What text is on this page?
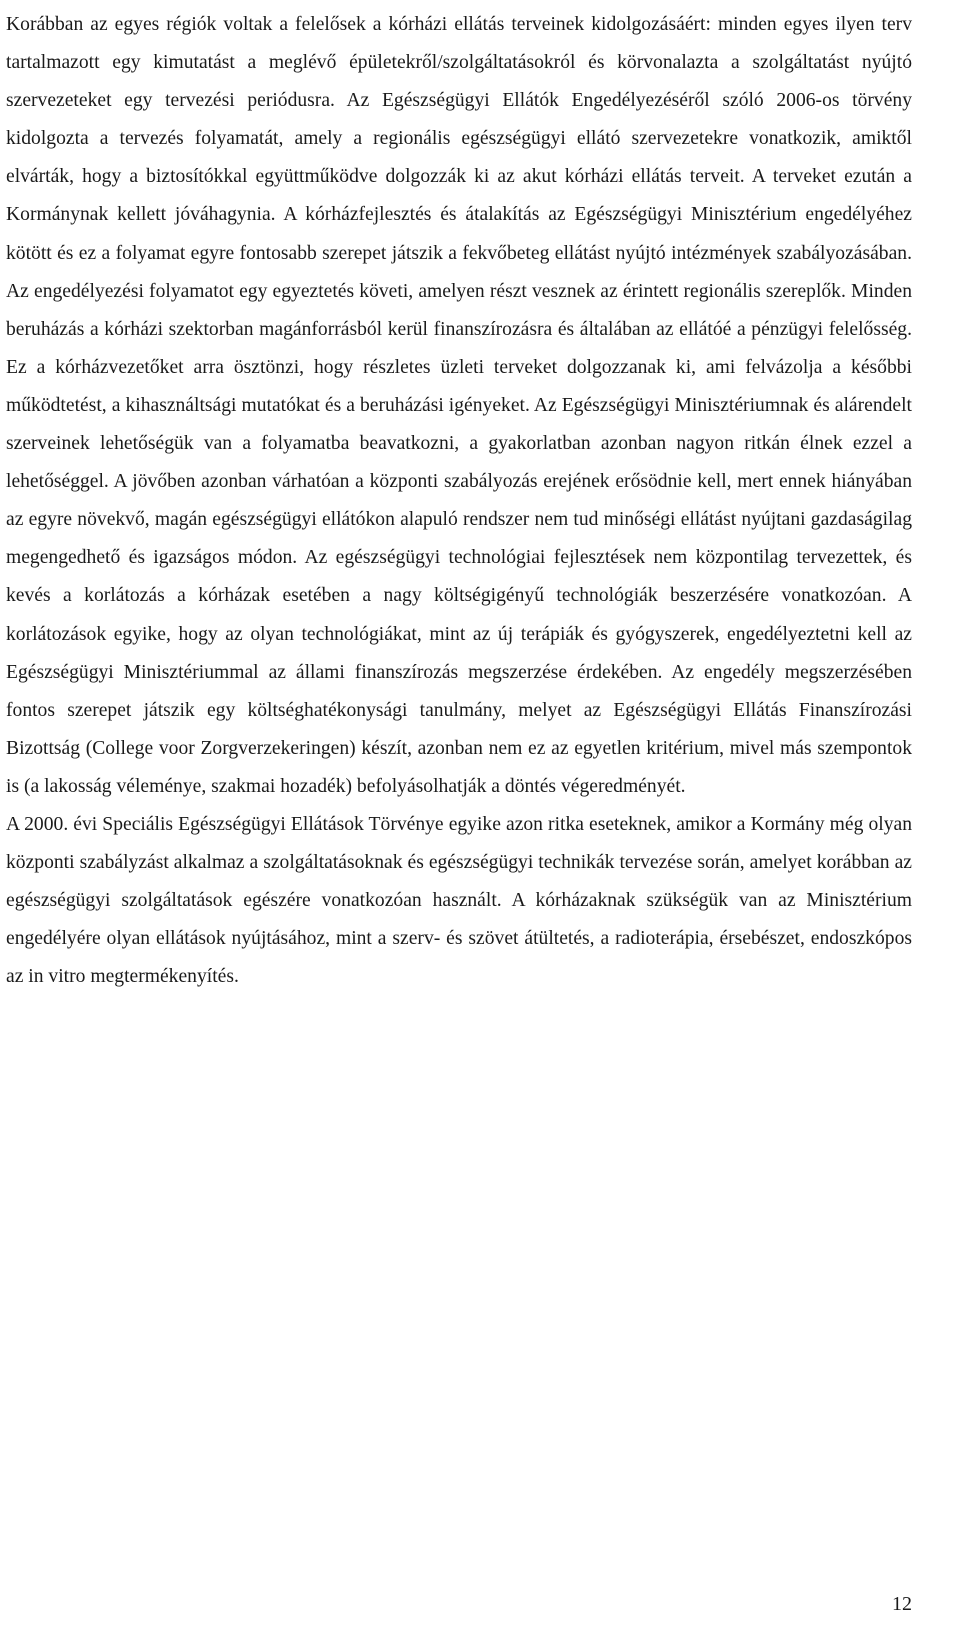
Korábban az egyes régiók voltak a felelősek a kórházi ellátás terveinek kidolgozásáért: minden egyes ilyen terv tartalmazott egy kimutatást a meglévő épületekről/szolgáltatásokról és körvonalazta a szolgáltatást nyújtó szervezeteket egy tervezési periódusra. Az Egészségügyi Ellátók Engedélyezéséről szóló 2006-os törvény kidolgozta a tervezés folyamatát, amely a regionális egészségügyi ellátó szervezetekre vonatkozik, amiktől elvárták, hogy a biztosítókkal együttműködve dolgozzák ki az akut kórházi ellátás terveit. A terveket ezután a Kormánynak kellett jóváhagynia. A kórházfejlesztés és átalakítás az Egészségügyi Minisztérium engedélyéhez kötött és ez a folyamat egyre fontosabb szerepet játszik a fekvőbeteg ellátást nyújtó intézmények szabályozásában. Az engedélyezési folyamatot egy egyeztetés követi, amelyen részt vesznek az érintett regionális szereplők. Minden beruházás a kórházi szektorban magánforrásból kerül finanszírozásra és általában az ellátóé a pénzügyi felelősség. Ez a kórházvezetőket arra ösztönzi, hogy részletes üzleti terveket dolgozzanak ki, ami felvázolja a későbbi működtetést, a kihasználtsági mutatókat és a beruházási igényeket. Az Egészségügyi Minisztériumnak és alárendelt szerveinek lehetőségük van a folyamatba beavatkozni, a gyakorlatban azonban nagyon ritkán élnek ezzel a lehetőséggel. A jövőben azonban várhatóan a központi szabályozás erejének erősödnie kell, mert ennek hiányában az egyre növekvő, magán egészségügyi ellátókon alapuló rendszer nem tud minőségi ellátást nyújtani gazdaságilag megengedhető és igazságos módon. Az egészségügyi technológiai fejlesztések nem központilag tervezettek, és kevés a korlátozás a kórházak esetében a nagy költségigényű technológiák beszerzésére vonatkozóan. A korlátozások egyike, hogy az olyan technológiákat, mint az új terápiák és gyógyszerek, engedélyeztetni kell az Egészségügyi Minisztériummal az állami finanszírozás megszerzése érdekében. Az engedély megszerzésében fontos szerepet játszik egy költséghatékonysági tanulmány, melyet az Egészségügyi Ellátás Finanszírozási Bizottság (College voor Zorgverzekeringen) készít, azonban nem ez az egyetlen kritérium, mivel más szempontok is (a lakosság véleménye, szakmai hozadék) befolyásolhatják a döntés végeredményét.

A 2000. évi Speciális Egészségügyi Ellátások Törvénye egyike azon ritka eseteknek, amikor a Kormány még olyan központi szabályzást alkalmaz a szolgáltatásoknak és egészségügyi technikák tervezése során, amelyet korábban az egészségügyi szolgáltatások egészére vonatkozóan használt. A kórházaknak szükségük van az Minisztérium engedélyére olyan ellátások nyújtásához, mint a szerv- és szövet átültetés, a radioterápia, érsebészet, endoszkópos az in vitro megtermékenyítés.

12
